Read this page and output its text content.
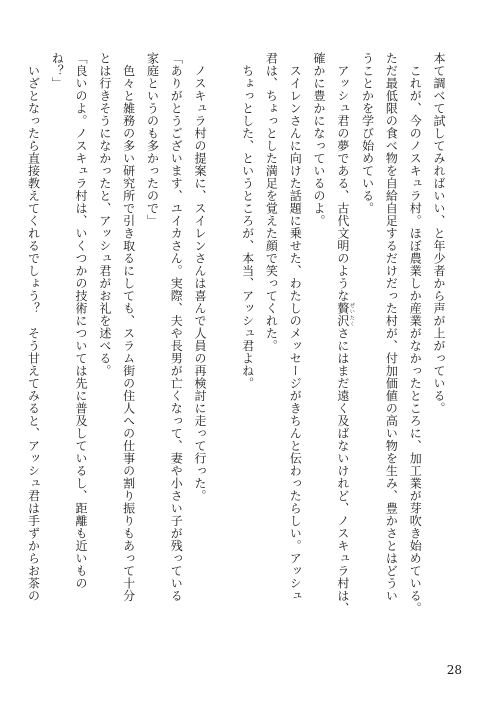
本て調べて試してみればいい、と年少者から声が上がっている。
　これが、今のノスキュラ村。ほぼ農業しか産業がなかったところに、加工業が芽吹き始めている。
ただ最低限の食べ物を自給自足するだけだった村が、付加価値の高い物を生み、豊かさとはどうい
うことかを学び始めている。
　アッシュ君の夢である、古代文明のような贅沢 ぜいたくさにはまだ遠く及ばないけれど、ノスキュラ村は、
確かに豊かになっているのよ。
　スイレンさんに向けた話題に乗せた、わたしのメッセージがきちんと伝わったらしい。アッシュ
君は、ちょっとした満足を覚えた顔で笑ってくれた。
　ちょっとした、というところが、本当、アッシュ君よね。
　ノスキュラ村の提案に、スイレンさんは喜んで人員の再検討に走って行った。
「ありがとうございます、ユイカさん。実際、夫や長男が亡くなって、妻や小さい子が残っている
家庭というのも多かったので」
　色々と雑務の多い研究所で引き取るにしても、スラム街の住人への仕事の割り振りもあって十分
とは行きそうになかったと、アッシュ君がお礼を述べる。
「良いのよ。ノスキュラ村は、いくつかの技術については先に普及しているし、距離も近いもの
ね？」
　いざとなったら直接教えてくれるでしょう？　そう甘えてみると、アッシュ君は手ずからお茶の
28
